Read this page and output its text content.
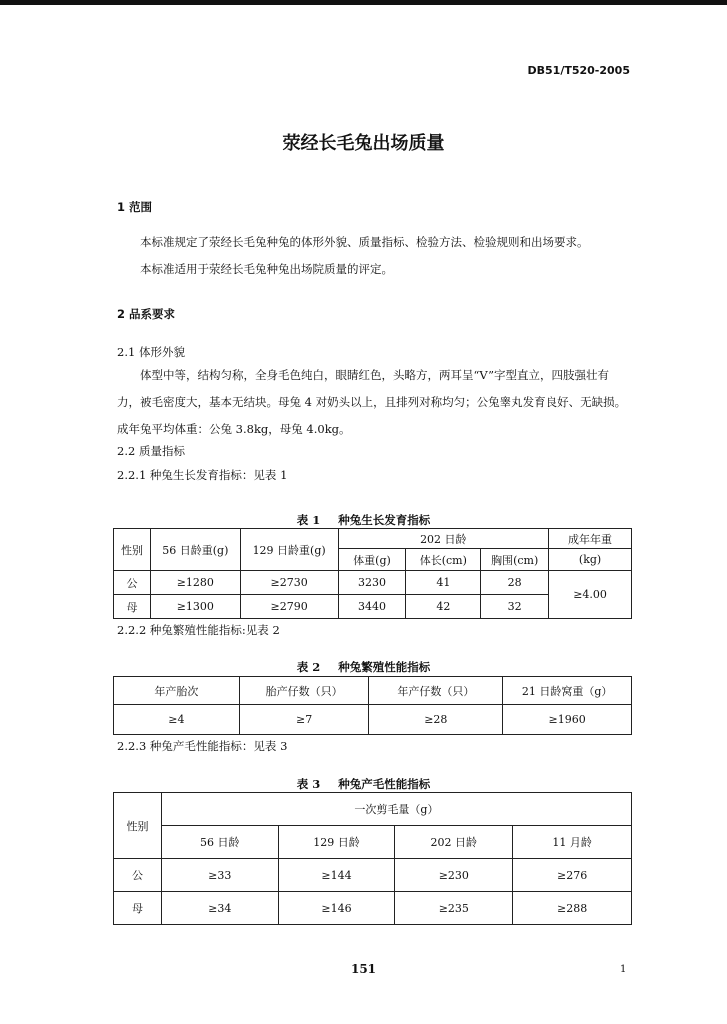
DB51/T520-2005
荥经长毛兔出场质量
1 范围
本标准规定了荥经长毛兔种兔的体形外貌、质量指标、检验方法、检验规则和出场要求。
本标准适用于荥经长毛兔种兔出场院质量的评定。
2 品系要求
2.1 体形外貌
体型中等，结构匀称，全身毛色纯白，眼睛红色，头略方，两耳呈“V”字型直立，四肢强壮有力，被毛密度大，基本无结块。母兔 4 对奶头以上，且排列对称均匀；公兔睾丸发育良好、无缺损。成年兔平均体重：公兔 3.8kg，母兔 4.0kg。
2.2 质量指标
2.2.1 种兔生长发育指标：见表 1
表 1 种兔生长发育指标
性别	56 日龄重(g)	129 日龄重(g)	202 日龄			成年年重
			体重(g)	体长(cm)	胸围(cm)	(kg)
公	≥1280	≥2730	3230	41	28	≥4.00
母	≥1300	≥2790	3440	42	32	
2.2.2 种兔繁殖性能指标:见表 2
表 2 种兔繁殖性能指标
年产胎次	胎产仔数（只）	年产仔数（只）	21 日龄窝重（g）
≥4	≥7	≥28	≥1960
2.2.3 种兔产毛性能指标：见表 3
表 3 种兔产毛性能指标
性别	一次剪毛量（g）			
	56 日龄	129 日龄	202 日龄	11 月龄
公	≥33	≥144	≥230	≥276
母	≥34	≥146	≥235	≥288
151	1
